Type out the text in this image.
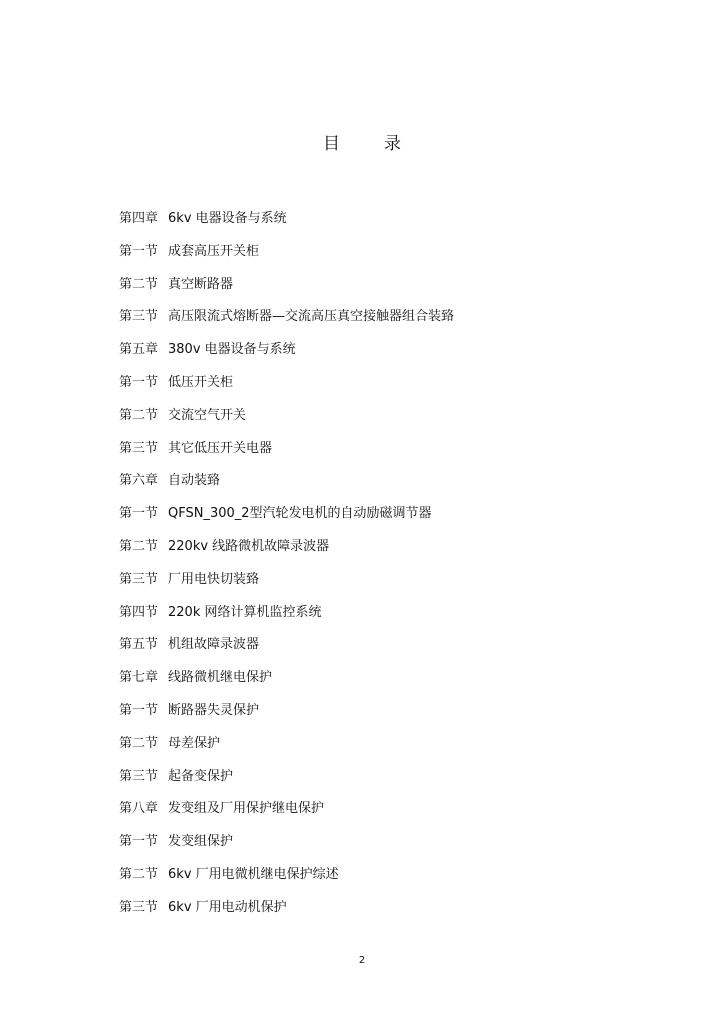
目录
第四章 6kv 电器设备与系统
第一节 成套高压开关柜
第二节 真空断路器
第三节 高压限流式熔断器—交流高压真空接触器组合装臵
第五章 380v 电器设备与系统
第一节 低压开关柜
第二节 交流空气开关
第三节 其它低压开关电器
第六章 自动装臵
第一节 QFSN_300_2型汽轮发电机的自动励磁调节器
第二节 220kv 线路微机故障录波器
第三节 厂用电快切装臵
第四节 220k 网络计算机监控系统
第五节 机组故障录波器
第七章 线路微机继电保护
第一节 断路器失灵保护
第二节 母差保护
第三节 起备变保护
第八章 发变组及厂用保护继电保护
第一节 发变组保护
第二节 6kv 厂用电微机继电保护综述
第三节 6kv 厂用电动机保护
2
